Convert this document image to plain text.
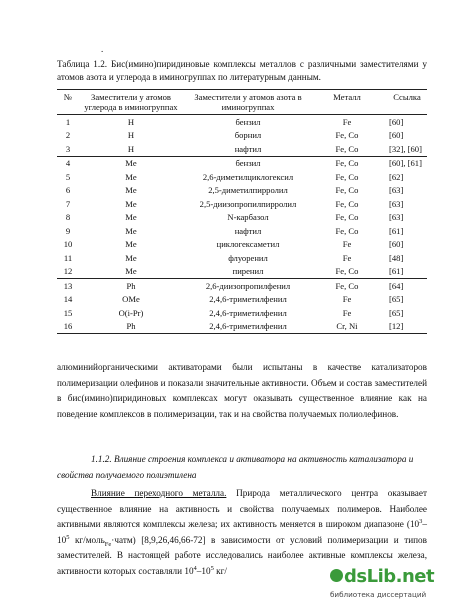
.

Таблица 1.2. Бис(имино)пиридиновые комплексы металлов с различными заместителями у атомов азота и углерода в иминогруппах по литературным данным.

№	Заместители у атомов углерода в иминогруппах	Заместители у атомов азота в иминогруппах	Металл	Ссылка
1	H	бензил	Fe	[60]
2	H	борнил	Fe, Co	[60]
3	H	нафтил	Fe, Co	[32], [60]
4	Me	бензил	Fe, Co	[60], [61]
5	Me	2,6-диметилциклогексил	Fe, Co	[62]
6	Me	2,5-диметилпирролил	Fe, Co	[63]
7	Me	2,5-диизопропилпирролил	Fe, Co	[63]
8	Me	N-карбазол	Fe, Co	[63]
9	Me	нафтил	Fe, Co	[61]
10	Me	циклогексаметил	Fe	[60]
11	Me	флуоренил	Fe	[48]
12	Me	пиренил	Fe, Co	[61]
13	Ph	2,6-диизопропилфенил	Fe, Co	[64]
14	OMe	2,4,6-триметилфенил	Fe	[65]
15	O(i-Pr)	2,4,6-триметилфенил	Fe	[65]
16	Ph	2,4,6-триметилфенил	Cr, Ni	[12]

алюминийорганическими активаторами были испытаны в качестве катализаторов полимеризации олефинов и показали значительные активности. Объем и состав заместителей в бис(имино)пиридиновых комплексах могут оказывать существенное влияние как на поведение комплексов в полимеризации, так и на свойства получаемых полиолефинов.

1.1.2. Влияние строения комплекса и активатора на активность катализатора и свойства получаемого полиэтилена

Влияние переходного металла. Природа металлического центра оказывает существенное влияние на активность и свойства получаемых полимеров. Наиболее активными являются комплексы железа; их активность меняется в широком диапазоне ($10^3-10^5$ кг/моль$_{Fe}$·чатм) [8,9,26,46,66-72] в зависимости от условий полимеризации и типов заместителей. В настоящей работе исследовались наиболее активные комплексы железа, активности которых составляли $10^4-10^5$ кг/	dsLib.net
библиотека диссертаций
